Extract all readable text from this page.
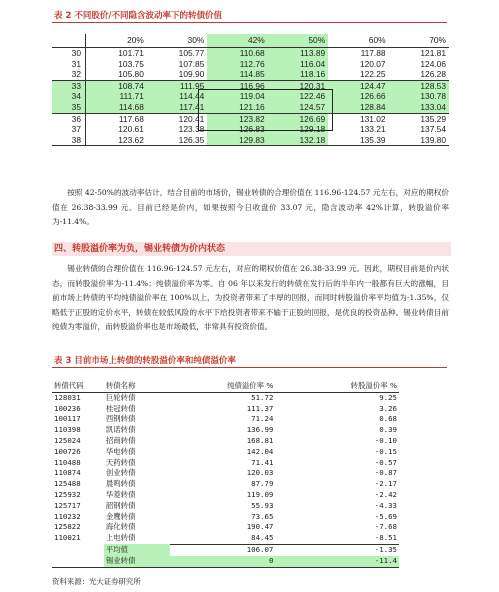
表 2 不同股价/不同隐含波动率下的转债价值
	20%	30%	42%	50%	60%	70%
30	101.71	105.77	110.68	113.89	117.88	121.81
31	103.75	107.85	112.76	116.04	120.07	124.06
32	105.80	109.90	114.85	118.16	122.25	126.28
33	108.74	111.95	116.96	120.31	124.47	128.53
34	111.71	114.44	119.04	122.46	126.66	130.78
35	114.68	117.41	121.16	124.57	128.84	133.04
36	117.68	120.41	123.82	126.69	131.02	135.29
37	120.61	123.38	126.83	129.18	133.21	137.54
38	123.62	126.35	129.83	132.18	135.39	139.80
按照 42-50%的波动率估计，结合目前的市场价，锡业转债的合理价值在 116.96-124.57 元左右，对应的期权价值在 26.38-33.99 元。目前已经是价内，如果按照今日收盘价 33.07 元，隐含波动率 42%计算，转股溢价率为-11.4%。
四、转股溢价率为负，锡业转债为价内状态
锡业转债的合理价值在 116.96-124.57 元左右，对应的期权价值在 26.38-33.99 元。因此，期权目前是价内状态，而转股溢价率为-11.4%；纯债溢价率为零。自 06 年以来发行的转债在发行后的半年内一般都有巨大的涨幅，目前市场上转债的平均纯债溢价率在 100%以上，为投资者带来了丰厚的回报，而同时转股溢价率平均值为-1.35%，仅略低于正股的定价水平，转债在较低风险的水平下给投资者带来不输于正股的回报，是优良的投资品种。锡业转债目前纯债为零溢价，而转股溢价率也是市场最低，非常具有投资价值。
表 3 目前市场上转债的转股溢价率和纯债溢价率
转债代码	转债名称	纯债溢价率 %	转股溢价率 %
128031	巨轮转债	51.72	9.25
100236	桂冠转债	111.37	3.26
100117	西钢转债	71.24	0.68
110398	凯诺转债	136.99	0.39
125024	招商转债	168.81	-0.10
100726	华电转债	142.04	-0.15
110488	天药转债	71.41	-0.57
110874	创业转债	120.03	-0.87
125488	晨鸣转债	87.79	-2.17
125932	华菱转债	119.09	-2.42
125717	韶钢转债	55.93	-4.33
110232	金鹰转债	73.65	-5.69
125822	海化转债	190.47	-7.68
110021	上电转债	84.45	-8.51
	平均值	106.07	-1.35
	锡业转债	0	-11.4
资料来源：光大证券研究所
